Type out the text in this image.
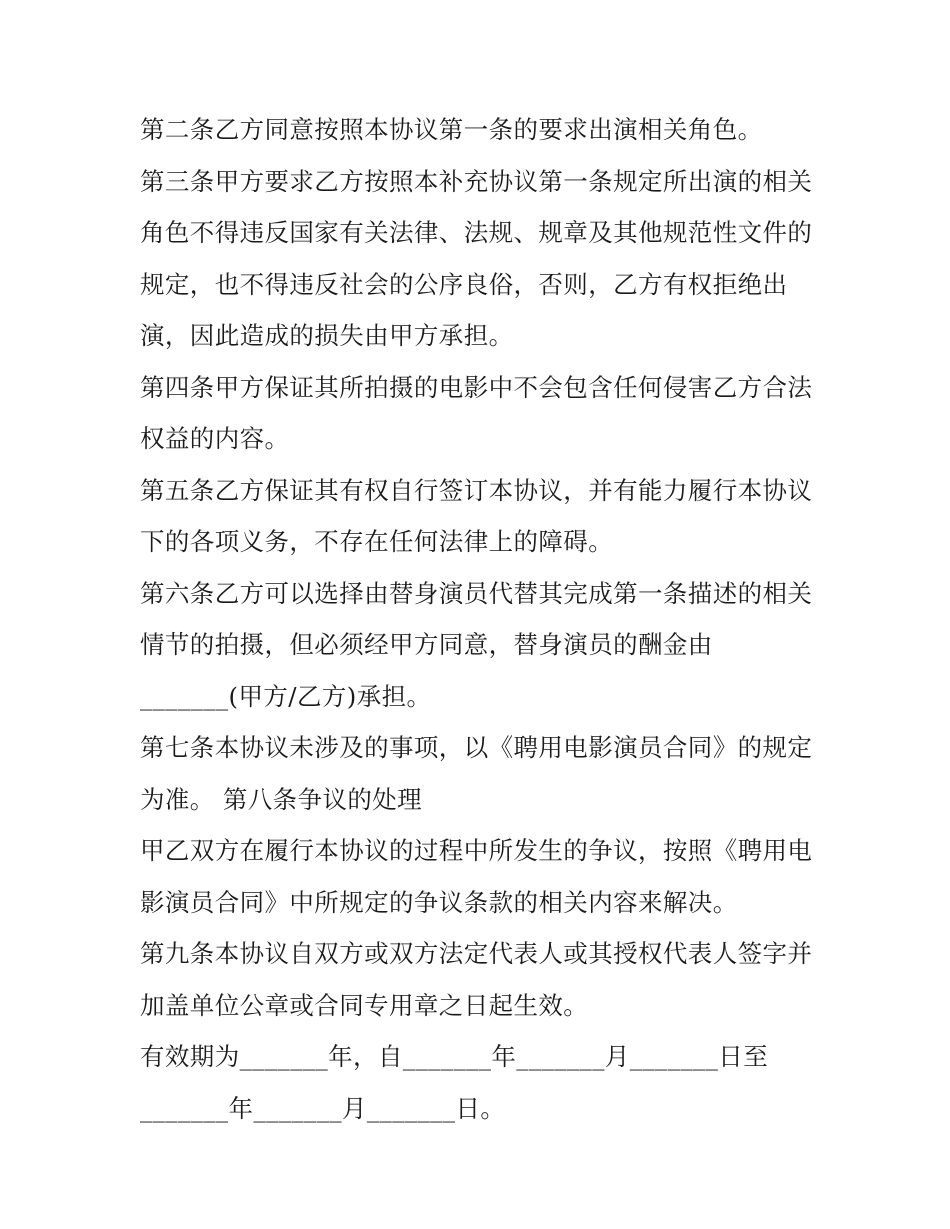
第二条乙方同意按照本协议第一条的要求出演相关角色。
第三条甲方要求乙方按照本补充协议第一条规定所出演的相关
角色不得违反国家有关法律、法规、规章及其他规范性文件的
规定，也不得违反社会的公序良俗，否则，乙方有权拒绝出
演，因此造成的损失由甲方承担。
第四条甲方保证其所拍摄的电影中不会包含任何侵害乙方合法
权益的内容。
第五条乙方保证其有权自行签订本协议，并有能力履行本协议
下的各项义务，不存在任何法律上的障碍。
第六条乙方可以选择由替身演员代替其完成第一条描述的相关
情节的拍摄，但必须经甲方同意，替身演员的酬金由
_______(甲方/乙方)承担。
第七条本协议未涉及的事项，以《聘用电影演员合同》的规定
为准。 第八条争议的处理
甲乙双方在履行本协议的过程中所发生的争议，按照《聘用电
影演员合同》中所规定的争议条款的相关内容来解决。
第九条本协议自双方或双方法定代表人或其授权代表人签字并
加盖单位公章或合同专用章之日起生效。
有效期为_______年，自_______年_______月_______日至
_______年_______月_______日。
